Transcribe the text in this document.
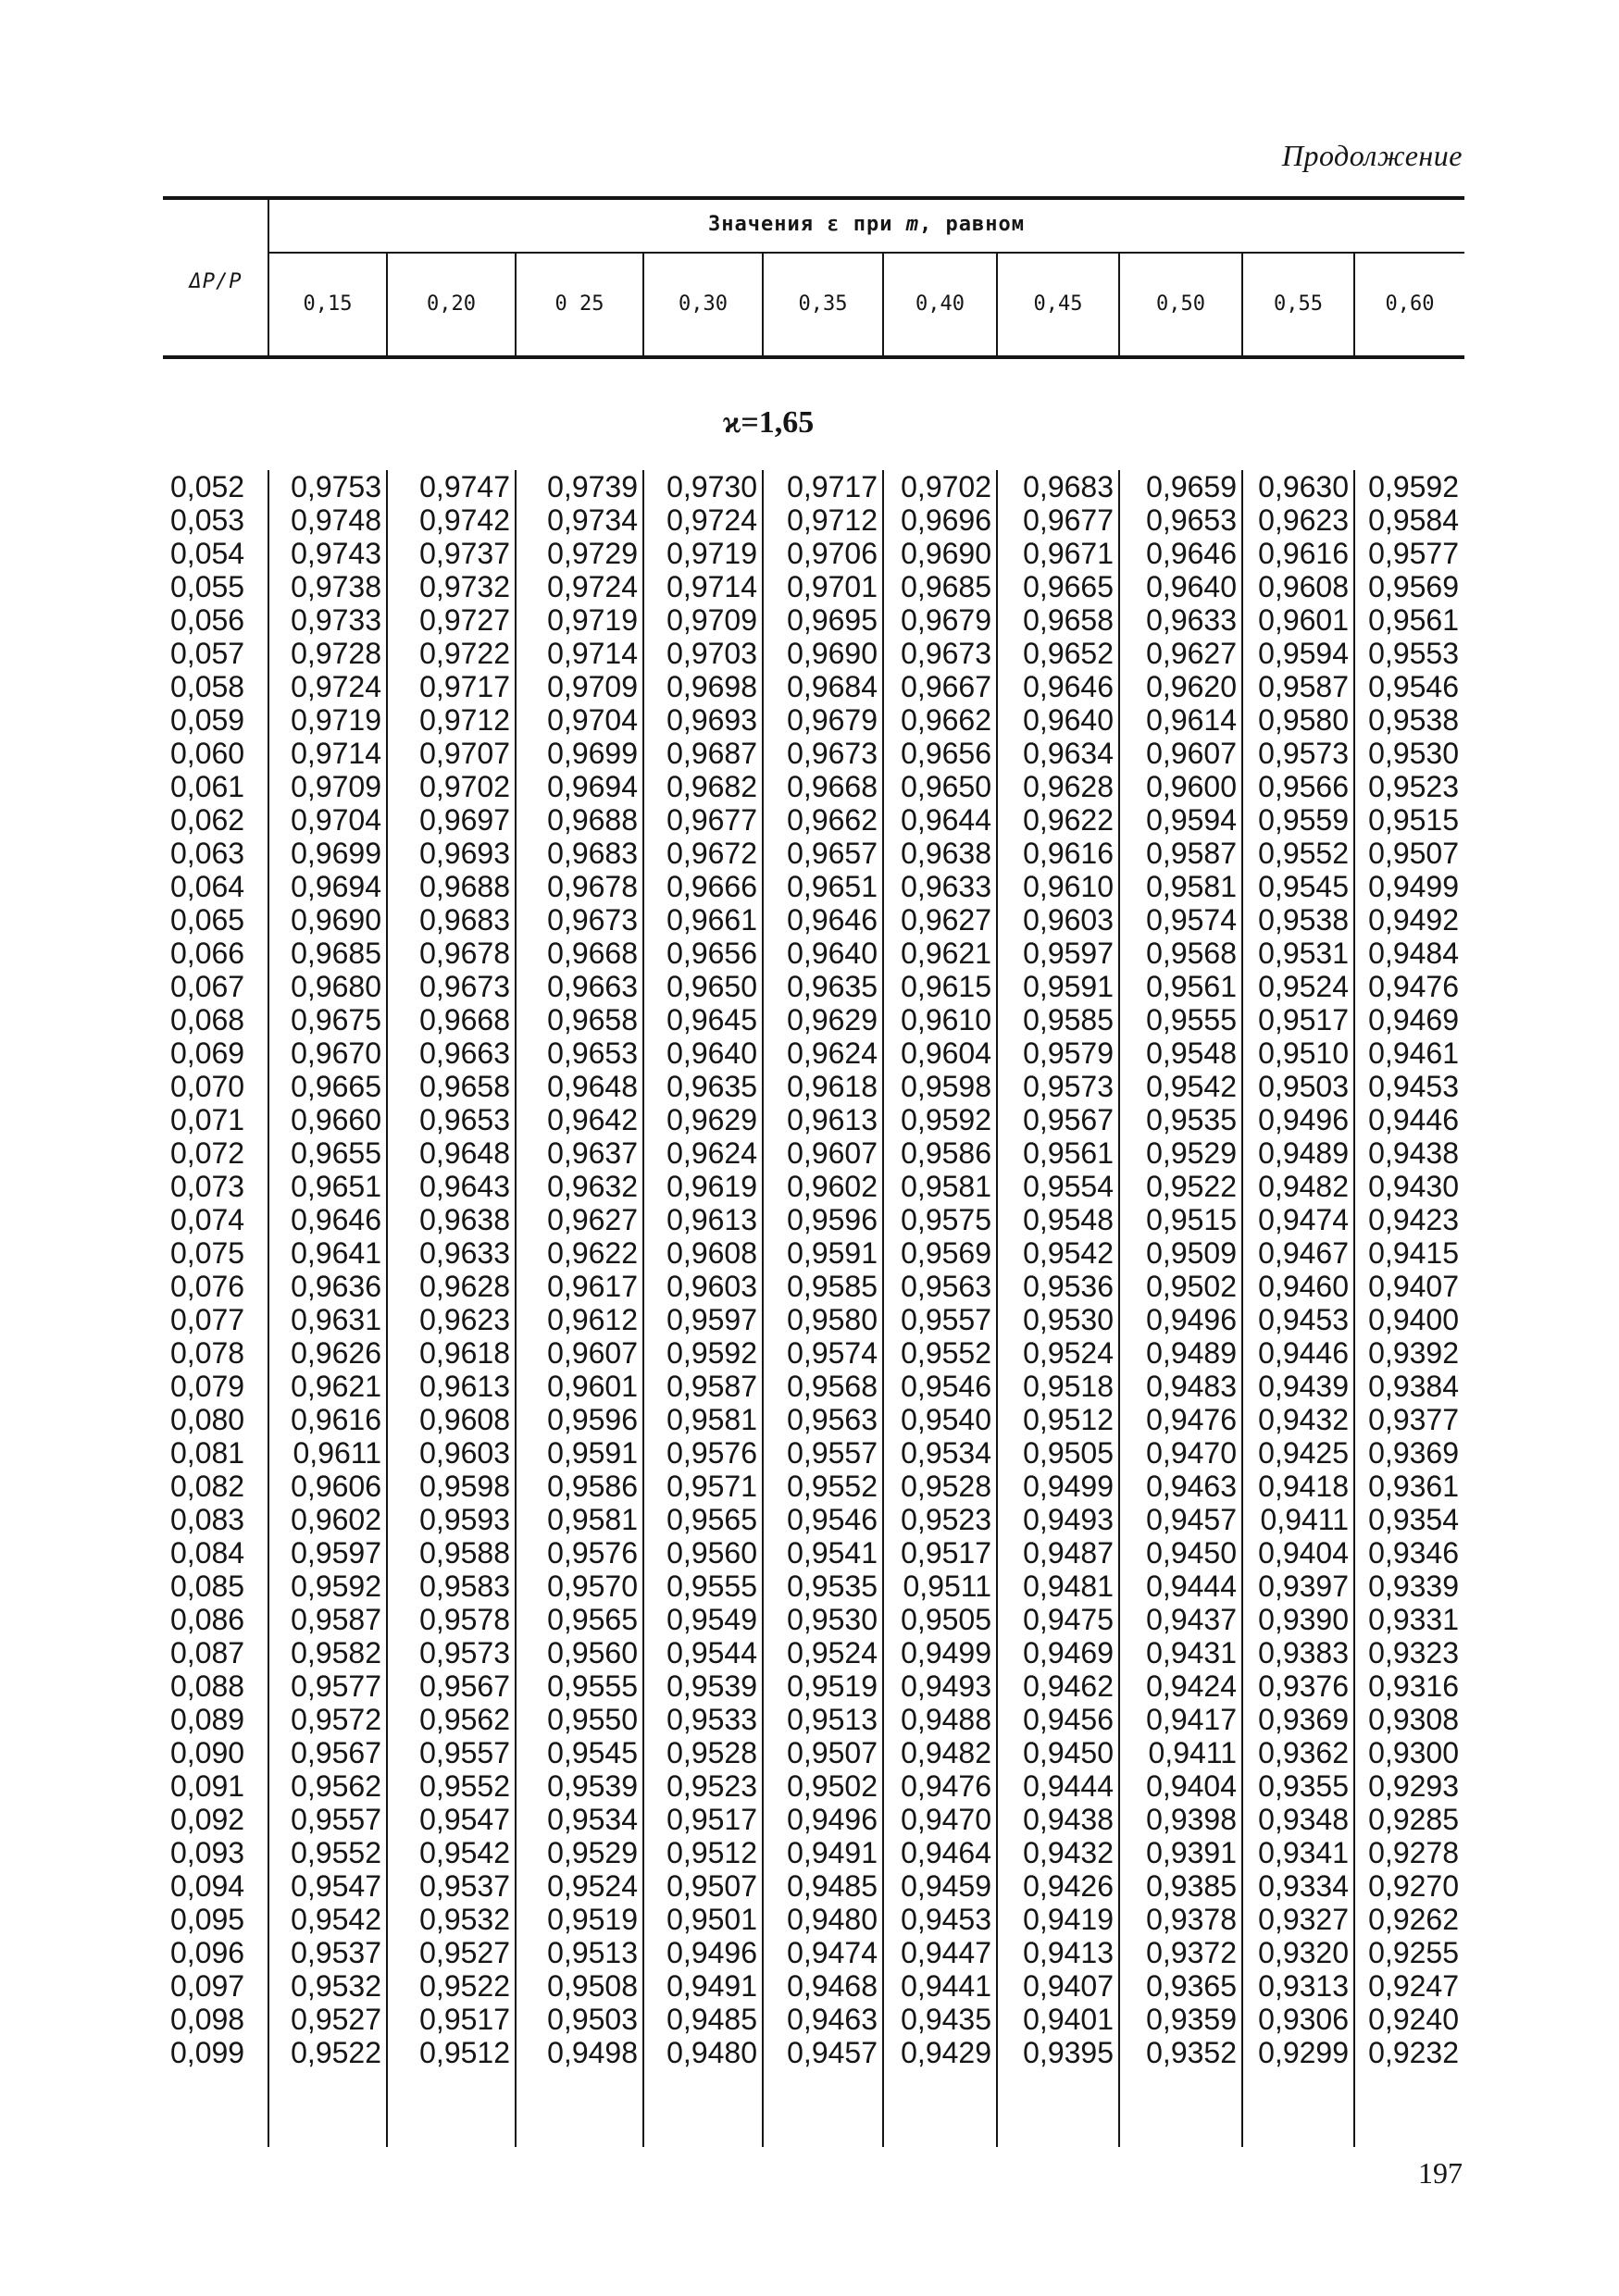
Продолжение
ΔP/P
Значения ε при m, равном
0,15	0,20	0 25	0,30	0,35	0,40	0,45	0,50	0,55	0,60
ϰ=1,65
0,052	0,9753	0,9747	0,9739	0,9730	0,9717	0,9702	0,9683	0,9659	0,9630	0,9592
0,053	0,9748	0,9742	0,9734	0,9724	0,9712	0,9696	0,9677	0,9653	0,9623	0,9584
0,054	0,9743	0,9737	0,9729	0,9719	0,9706	0,9690	0,9671	0,9646	0,9616	0,9577
0,055	0,9738	0,9732	0,9724	0,9714	0,9701	0,9685	0,9665	0,9640	0,9608	0,9569
0,056	0,9733	0,9727	0,9719	0,9709	0,9695	0,9679	0,9658	0,9633	0,9601	0,9561
0,057	0,9728	0,9722	0,9714	0,9703	0,9690	0,9673	0,9652	0,9627	0,9594	0,9553
0,058	0,9724	0,9717	0,9709	0,9698	0,9684	0,9667	0,9646	0,9620	0,9587	0,9546
0,059	0,9719	0,9712	0,9704	0,9693	0,9679	0,9662	0,9640	0,9614	0,9580	0,9538
0,060	0,9714	0,9707	0,9699	0,9687	0,9673	0,9656	0,9634	0,9607	0,9573	0,9530
0,061	0,9709	0,9702	0,9694	0,9682	0,9668	0,9650	0,9628	0,9600	0,9566	0,9523
0,062	0,9704	0,9697	0,9688	0,9677	0,9662	0,9644	0,9622	0,9594	0,9559	0,9515
0,063	0,9699	0,9693	0,9683	0,9672	0,9657	0,9638	0,9616	0,9587	0,9552	0,9507
0,064	0,9694	0,9688	0,9678	0,9666	0,9651	0,9633	0,9610	0,9581	0,9545	0,9499
0,065	0,9690	0,9683	0,9673	0,9661	0,9646	0,9627	0,9603	0,9574	0,9538	0,9492
0,066	0,9685	0,9678	0,9668	0,9656	0,9640	0,9621	0,9597	0,9568	0,9531	0,9484
0,067	0,9680	0,9673	0,9663	0,9650	0,9635	0,9615	0,9591	0,9561	0,9524	0,9476
0,068	0,9675	0,9668	0,9658	0,9645	0,9629	0,9610	0,9585	0,9555	0,9517	0,9469
0,069	0,9670	0,9663	0,9653	0,9640	0,9624	0,9604	0,9579	0,9548	0,9510	0,9461
0,070	0,9665	0,9658	0,9648	0,9635	0,9618	0,9598	0,9573	0,9542	0,9503	0,9453
0,071	0,9660	0,9653	0,9642	0,9629	0,9613	0,9592	0,9567	0,9535	0,9496	0,9446
0,072	0,9655	0,9648	0,9637	0,9624	0,9607	0,9586	0,9561	0,9529	0,9489	0,9438
0,073	0,9651	0,9643	0,9632	0,9619	0,9602	0,9581	0,9554	0,9522	0,9482	0,9430
0,074	0,9646	0,9638	0,9627	0,9613	0,9596	0,9575	0,9548	0,9515	0,9474	0,9423
0,075	0,9641	0,9633	0,9622	0,9608	0,9591	0,9569	0,9542	0,9509	0,9467	0,9415
0,076	0,9636	0,9628	0,9617	0,9603	0,9585	0,9563	0,9536	0,9502	0,9460	0,9407
0,077	0,9631	0,9623	0,9612	0,9597	0,9580	0,9557	0,9530	0,9496	0,9453	0,9400
0,078	0,9626	0,9618	0,9607	0,9592	0,9574	0,9552	0,9524	0,9489	0,9446	0,9392
0,079	0,9621	0,9613	0,9601	0,9587	0,9568	0,9546	0,9518	0,9483	0,9439	0,9384
0,080	0,9616	0,9608	0,9596	0,9581	0,9563	0,9540	0,9512	0,9476	0,9432	0,9377
0,081	0,9611	0,9603	0,9591	0,9576	0,9557	0,9534	0,9505	0,9470	0,9425	0,9369
0,082	0,9606	0,9598	0,9586	0,9571	0,9552	0,9528	0,9499	0,9463	0,9418	0,9361
0,083	0,9602	0,9593	0,9581	0,9565	0,9546	0,9523	0,9493	0,9457	0,9411	0,9354
0,084	0,9597	0,9588	0,9576	0,9560	0,9541	0,9517	0,9487	0,9450	0,9404	0,9346
0,085	0,9592	0,9583	0,9570	0,9555	0,9535	0,9511	0,9481	0,9444	0,9397	0,9339
0,086	0,9587	0,9578	0,9565	0,9549	0,9530	0,9505	0,9475	0,9437	0,9390	0,9331
0,087	0,9582	0,9573	0,9560	0,9544	0,9524	0,9499	0,9469	0,9431	0,9383	0,9323
0,088	0,9577	0,9567	0,9555	0,9539	0,9519	0,9493	0,9462	0,9424	0,9376	0,9316
0,089	0,9572	0,9562	0,9550	0,9533	0,9513	0,9488	0,9456	0,9417	0,9369	0,9308
0,090	0,9567	0,9557	0,9545	0,9528	0,9507	0,9482	0,9450	0,9411	0,9362	0,9300
0,091	0,9562	0,9552	0,9539	0,9523	0,9502	0,9476	0,9444	0,9404	0,9355	0,9293
0,092	0,9557	0,9547	0,9534	0,9517	0,9496	0,9470	0,9438	0,9398	0,9348	0,9285
0,093	0,9552	0,9542	0,9529	0,9512	0,9491	0,9464	0,9432	0,9391	0,9341	0,9278
0,094	0,9547	0,9537	0,9524	0,9507	0,9485	0,9459	0,9426	0,9385	0,9334	0,9270
0,095	0,9542	0,9532	0,9519	0,9501	0,9480	0,9453	0,9419	0,9378	0,9327	0,9262
0,096	0,9537	0,9527	0,9513	0,9496	0,9474	0,9447	0,9413	0,9372	0,9320	0,9255
0,097	0,9532	0,9522	0,9508	0,9491	0,9468	0,9441	0,9407	0,9365	0,9313	0,9247
0,098	0,9527	0,9517	0,9503	0,9485	0,9463	0,9435	0,9401	0,9359	0,9306	0,9240
0,099	0,9522	0,9512	0,9498	0,9480	0,9457	0,9429	0,9395	0,9352	0,9299	0,9232
197
